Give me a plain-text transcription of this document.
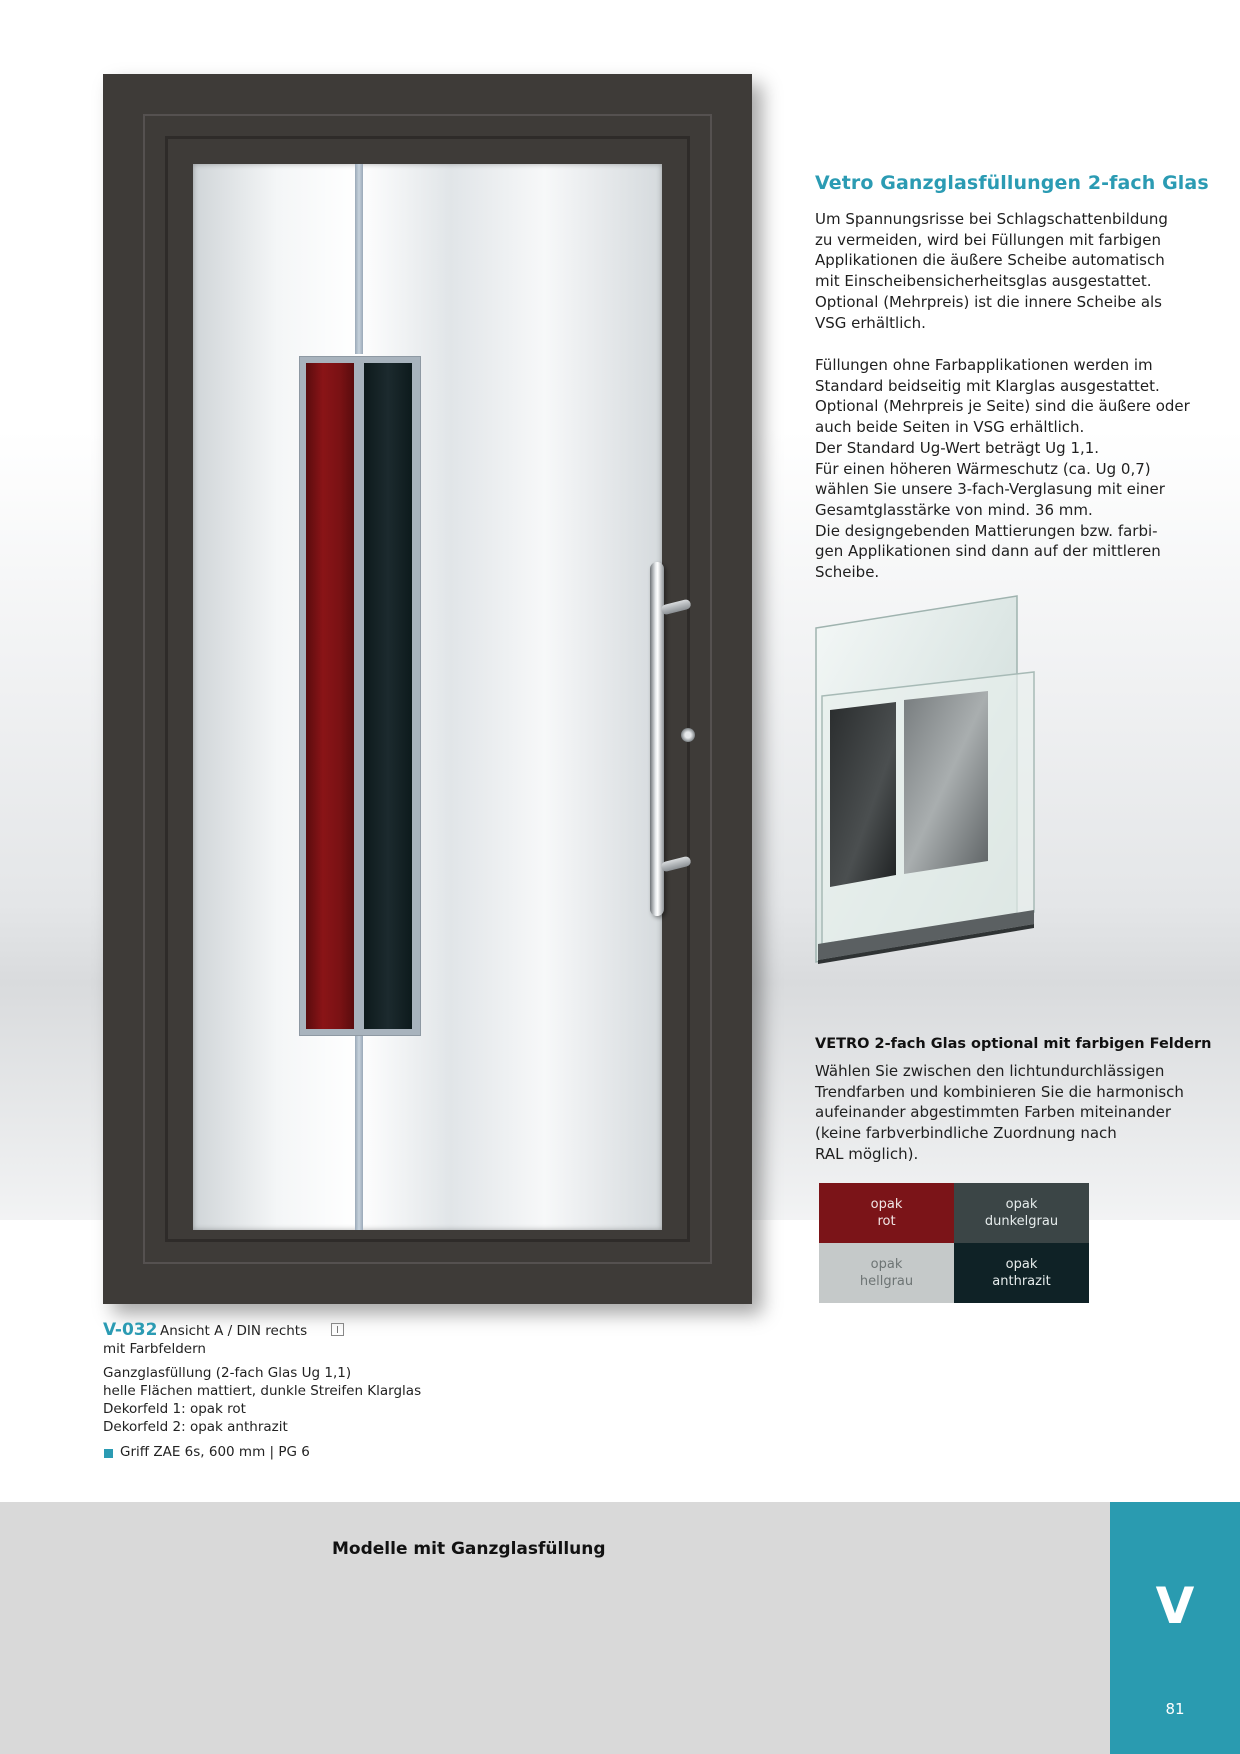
Vetro Ganzglasfüllungen 2-fach Glas
Um Spannungsrisse bei Schlagschattenbildung
zu vermeiden, wird bei Füllungen mit farbigen
Applikationen die äußere Scheibe automatisch
mit Einscheibensicherheitsglas ausgestattet.
Optional (Mehrpreis) ist die innere Scheibe als
VSG erhältlich.
Füllungen ohne Farbapplikationen werden im
Standard beidseitig mit Klarglas ausgestattet.
Optional (Mehrpreis je Seite) sind die äußere oder
auch beide Seiten in VSG erhältlich.
Der Standard Ug-Wert beträgt Ug 1,1.
Für einen höheren Wärmeschutz (ca. Ug 0,7)
wählen Sie unsere 3-fach-Verglasung mit einer
Gesamtglasstärke von mind. 36 mm.
Die designgebenden Mattierungen bzw. farbi-
gen Applikationen sind dann auf der mittleren
Scheibe.
VETRO 2-fach Glas optional mit farbigen Feldern
Wählen Sie zwischen den lichtundurchlässigen
Trendfarben und kombinieren Sie die harmonisch
aufeinander abgestimmten Farben miteinander
(keine farbverbindliche Zuordnung nach
RAL möglich).
opak
rot
opak
dunkelgrau
opak
hellgrau
opak
anthrazit
V-032 Ansicht A / DIN rechts
mit Farbfeldern
Ganzglasfüllung (2-fach Glas Ug 1,1)
helle Flächen mattiert, dunkle Streifen Klarglas
Dekorfeld 1: opak rot
Dekorfeld 2: opak anthrazit
Griff ZAE 6s, 600 mm | PG 6
Modelle mit Ganzglasfüllung
V
81
